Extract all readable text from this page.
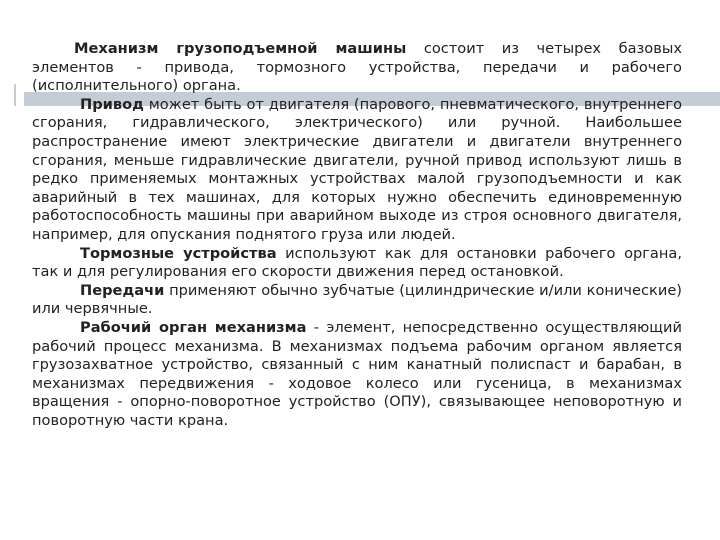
Механизм грузоподъемной машины состоит из четырех базовых элементов - привода, тормозного устройства, передачи и рабочего (исполнительного) органа.

Привод может быть от двигателя (парового, пневматического, внутреннего сгорания, гидравлического, электрического) или ручной. Наибольшее распространение имеют электрические двигатели и двигатели внутреннего сгорания, меньше гидравлические двигатели, ручной привод используют лишь в редко применяемых монтажных устройствах малой грузоподъемности и как аварийный в тех машинах, для которых нужно обеспечить единовременную работоспособность машины при аварийном выходе из строя основного двигателя, например, для опускания поднятого груза или людей.

Тормозные устройства используют как для остановки рабочего органа, так и для регулирования его скорости движения перед остановкой.

Передачи применяют обычно зубчатые (цилиндрические и/или конические) или червячные.

Рабочий орган механизма - элемент, непосредственно осуществляющий рабочий процесс механизма. В механизмах подъема рабочим органом является грузозахватное устройство, связанный с ним канатный полиспаст и барабан, в механизмах передвижения - ходовое колесо или гусеница, в механизмах вращения - опорно-поворотное устройство (ОПУ), связывающее неповоротную и поворотную части крана.
